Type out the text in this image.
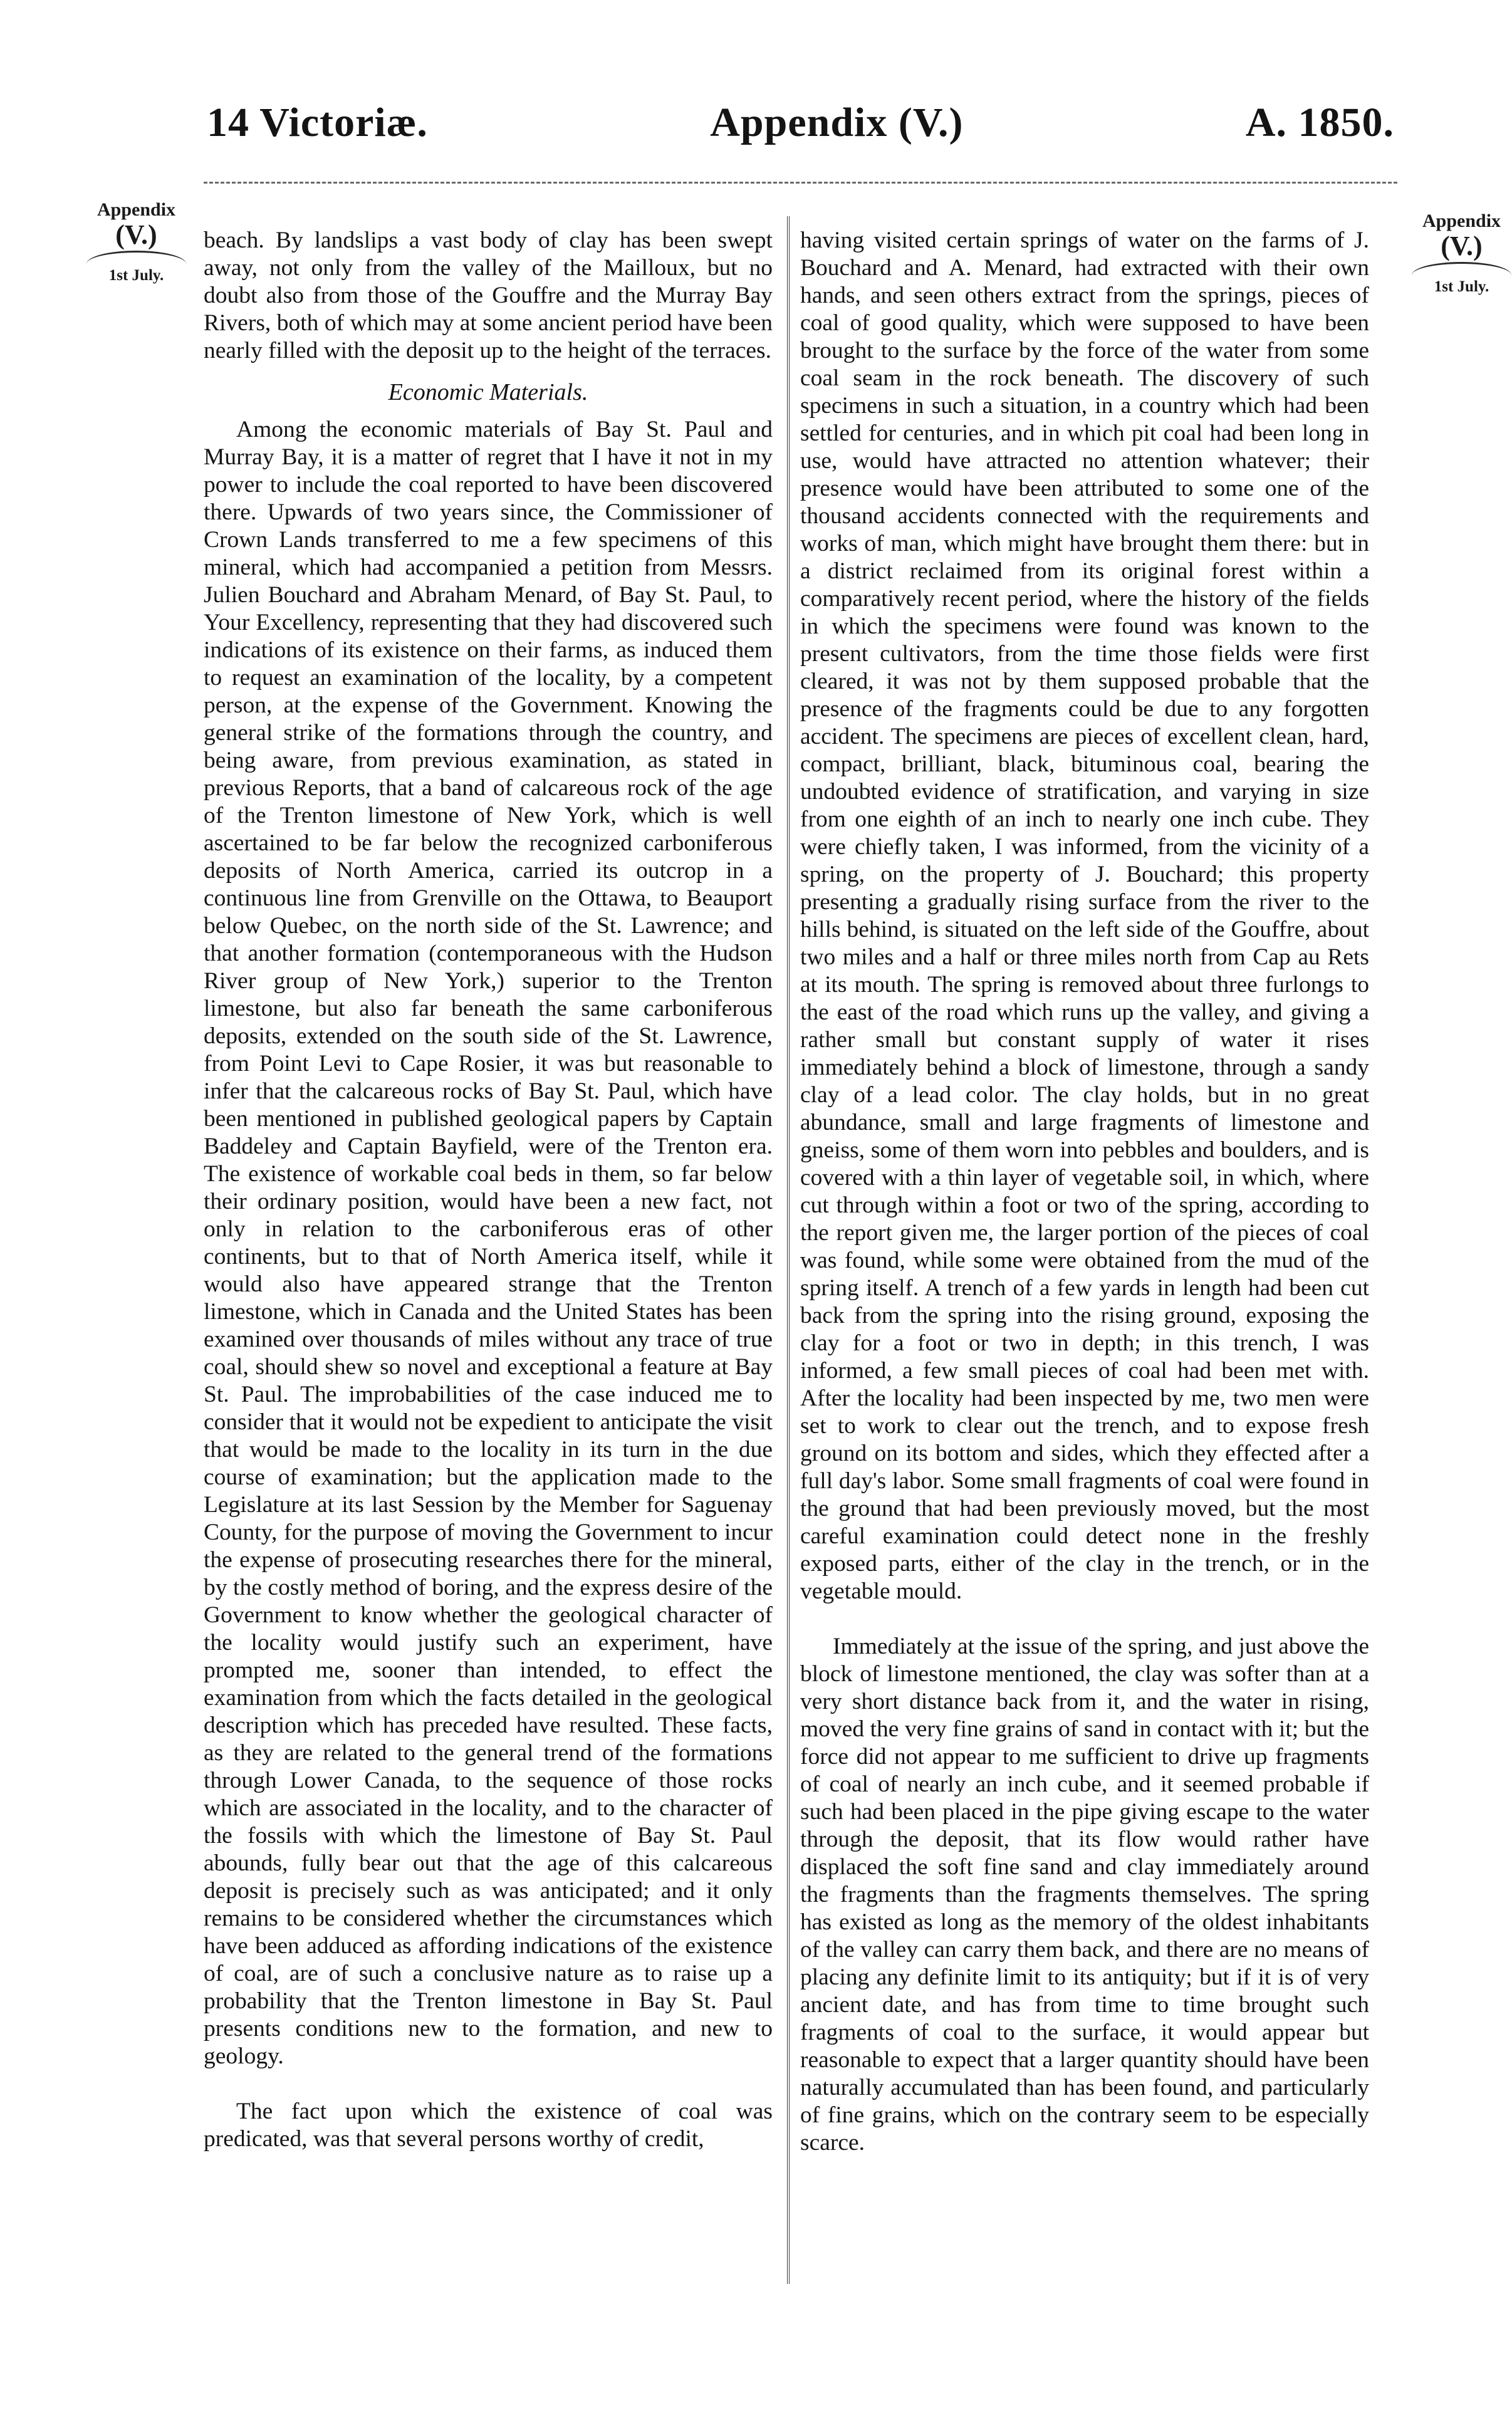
14 Victoriæ.	Appendix (V.)	A. 1850.
Appendix
(V.)
1st July.
Appendix
(V.)
1st July.

beach. By landslips a vast body of clay has been swept away, not only from the valley of the Mailloux, but no doubt also from those of the Gouffre and the Murray Bay Rivers, both of which may at some ancient period have been nearly filled with the deposit up to the height of the terraces.

Economic Materials.

Among the economic materials of Bay St. Paul and Murray Bay, it is a matter of regret that I have it not in my power to include the coal reported to have been discovered there. Upwards of two years since, the Commissioner of Crown Lands transferred to me a few specimens of this mineral, which had accompanied a petition from Messrs. Julien Bouchard and Abraham Menard, of Bay St. Paul, to Your Excellency, representing that they had discovered such indications of its existence on their farms, as induced them to request an examination of the locality, by a competent person, at the expense of the Government. Knowing the general strike of the formations through the country, and being aware, from previous examination, as stated in previous Reports, that a band of calcareous rock of the age of the Trenton limestone of New York, which is well ascertained to be far below the recognized carboniferous deposits of North America, carried its outcrop in a continuous line from Grenville on the Ottawa, to Beauport below Quebec, on the north side of the St. Lawrence; and that another formation (contemporaneous with the Hudson River group of New York,) superior to the Trenton limestone, but also far beneath the same carboniferous deposits, extended on the south side of the St. Lawrence, from Point Levi to Cape Rosier, it was but reasonable to infer that the calcareous rocks of Bay St. Paul, which have been mentioned in published geological papers by Captain Baddeley and Captain Bayfield, were of the Trenton era. The existence of workable coal beds in them, so far below their ordinary position, would have been a new fact, not only in relation to the carboniferous eras of other continents, but to that of North America itself, while it would also have appeared strange that the Trenton limestone, which in Canada and the United States has been examined over thousands of miles without any trace of true coal, should shew so novel and exceptional a feature at Bay St. Paul. The improbabilities of the case induced me to consider that it would not be expedient to anticipate the visit that would be made to the locality in its turn in the due course of examination; but the application made to the Legislature at its last Session by the Member for Saguenay County, for the purpose of moving the Government to incur the expense of prosecuting researches there for the mineral, by the costly method of boring, and the express desire of the Government to know whether the geological character of the locality would justify such an experiment, have prompted me, sooner than intended, to effect the examination from which the facts detailed in the geological description which has preceded have resulted. These facts, as they are related to the general trend of the formations through Lower Canada, to the sequence of those rocks which are associated in the locality, and to the character of the fossils with which the limestone of Bay St. Paul abounds, fully bear out that the age of this calcareous deposit is precisely such as was anticipated; and it only remains to be considered whether the circumstances which have been adduced as affording indications of the existence of coal, are of such a conclusive nature as to raise up a probability that the Trenton limestone in Bay St. Paul presents conditions new to the formation, and new to geology.

The fact upon which the existence of coal was predicated, was that several persons worthy of credit,

having visited certain springs of water on the farms of J. Bouchard and A. Menard, had extracted with their own hands, and seen others extract from the springs, pieces of coal of good quality, which were supposed to have been brought to the surface by the force of the water from some coal seam in the rock beneath. The discovery of such specimens in such a situation, in a country which had been settled for centuries, and in which pit coal had been long in use, would have attracted no attention whatever; their presence would have been attributed to some one of the thousand accidents connected with the requirements and works of man, which might have brought them there: but in a district reclaimed from its original forest within a comparatively recent period, where the history of the fields in which the specimens were found was known to the present cultivators, from the time those fields were first cleared, it was not by them supposed probable that the presence of the fragments could be due to any forgotten accident. The specimens are pieces of excellent clean, hard, compact, brilliant, black, bituminous coal, bearing the undoubted evidence of stratification, and varying in size from one eighth of an inch to nearly one inch cube. They were chiefly taken, I was informed, from the vicinity of a spring, on the property of J. Bouchard; this property presenting a gradually rising surface from the river to the hills behind, is situated on the left side of the Gouffre, about two miles and a half or three miles north from Cap au Rets at its mouth. The spring is removed about three furlongs to the east of the road which runs up the valley, and giving a rather small but constant supply of water it rises immediately behind a block of limestone, through a sandy clay of a lead color. The clay holds, but in no great abundance, small and large fragments of limestone and gneiss, some of them worn into pebbles and boulders, and is covered with a thin layer of vegetable soil, in which, where cut through within a foot or two of the spring, according to the report given me, the larger portion of the pieces of coal was found, while some were obtained from the mud of the spring itself. A trench of a few yards in length had been cut back from the spring into the rising ground, exposing the clay for a foot or two in depth; in this trench, I was informed, a few small pieces of coal had been met with. After the locality had been inspected by me, two men were set to work to clear out the trench, and to expose fresh ground on its bottom and sides, which they effected after a full day's labor. Some small fragments of coal were found in the ground that had been previously moved, but the most careful examination could detect none in the freshly exposed parts, either of the clay in the trench, or in the vegetable mould.

Immediately at the issue of the spring, and just above the block of limestone mentioned, the clay was softer than at a very short distance back from it, and the water in rising, moved the very fine grains of sand in contact with it; but the force did not appear to me sufficient to drive up fragments of coal of nearly an inch cube, and it seemed probable if such had been placed in the pipe giving escape to the water through the deposit, that its flow would rather have displaced the soft fine sand and clay immediately around the fragments than the fragments themselves. The spring has existed as long as the memory of the oldest inhabitants of the valley can carry them back, and there are no means of placing any definite limit to its antiquity; but if it is of very ancient date, and has from time to time brought such fragments of coal to the surface, it would appear but reasonable to expect that a larger quantity should have been naturally accumulated than has been found, and particularly of fine grains, which on the contrary seem to be especially scarce.
